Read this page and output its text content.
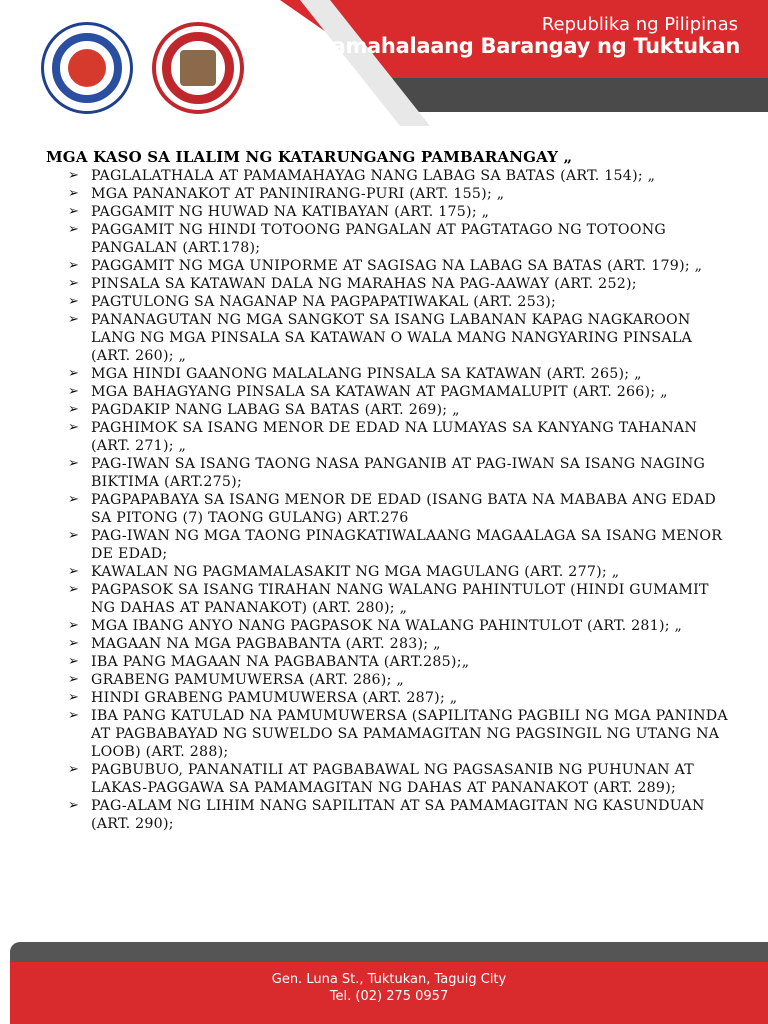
Republika ng Pilipinas
Pamahalaang Barangay ng Tuktukan
MGA KASO SA ILALIM NG KATARUNGANG PAMBARANGAY „
➢ PAGLALATHALA AT PAMAMAHAYAG NANG LABAG SA BATAS (ART. 154); „
➢ MGA PANANAKOT AT PANINIRANG-PURI (ART. 155); „
➢ PAGGAMIT NG HUWAD NA KATIBAYAN (ART. 175); „
➢ PAGGAMIT NG HINDI TOTOONG PANGALAN AT PAGTATAGO NG TOTOONG PANGALAN (ART.178);
➢ PAGGAMIT NG MGA UNIPORME AT SAGISAG NA LABAG SA BATAS (ART. 179); „
➢ PINSALA SA KATAWAN DALA NG MARAHAS NA PAG-AAWAY (ART. 252);
➢ PAGTULONG SA NAGANAP NA PAGPAPATIWAKAL (ART. 253);
➢ PANANAGUTAN NG MGA SANGKOT SA ISANG LABANAN KAPAG NAGKAROON LANG NG MGA PINSALA SA KATAWAN O WALA MANG NANGYARING PINSALA (ART. 260); „
➢ MGA HINDI GAANONG MALALANG PINSALA SA KATAWAN (ART. 265); „
➢ MGA BAHAGYANG PINSALA SA KATAWAN AT PAGMAMALUPIT (ART. 266); „
➢ PAGDAKIP NANG LABAG SA BATAS (ART. 269); „
➢ PAGHIMOK SA ISANG MENOR DE EDAD NA LUMAYAS SA KANYANG TAHANAN (ART. 271); „
➢ PAG-IWAN SA ISANG TAONG NASA PANGANIB AT PAG-IWAN SA ISANG NAGING BIKTIMA (ART.275);
➢ PAGPAPABAYA SA ISANG MENOR DE EDAD (ISANG BATA NA MABABA ANG EDAD SA PITONG (7) TAONG GULANG) ART.276
➢ PAG-IWAN NG MGA TAONG PINAGKATIWALAANG MAGAALAGA SA ISANG MENOR DE EDAD;
➢ KAWALAN NG PAGMAMALASAKIT NG MGA MAGULANG (ART. 277); „
➢ PAGPASOK SA ISANG TIRAHAN NANG WALANG PAHINTULOT (HINDI GUMAMIT NG DAHAS AT PANANAKOT) (ART. 280); „
➢ MGA IBANG ANYO NANG PAGPASOK NA WALANG PAHINTULOT (ART. 281); „
➢ MAGAAN NA MGA PAGBABANTA (ART. 283); „
➢ IBA PANG MAGAAN NA PAGBABANTA (ART.285);„
➢ GRABENG PAMUMUWERSA (ART. 286); „
➢ HINDI GRABENG PAMUMUWERSA (ART. 287); „
➢ IBA PANG KATULAD NA PAMUMUWERSA (SAPILITANG PAGBILI NG MGA PANINDA AT PAGBABAYAD NG SUWELDO SA PAMAMAGITAN NG PAGSINGIL NG UTANG NA LOOB) (ART. 288);
➢ PAGBUBUO, PANANATILI AT PAGBABAWAL NG PAGSASANIB NG PUHUNAN AT LAKAS-PAGGAWA SA PAMAMAGITAN NG DAHAS AT PANANAKOT (ART. 289);
➢ PAG-ALAM NG LIHIM NANG SAPILITAN AT SA PAMAMAGITAN NG KASUNDUAN (ART. 290);
Gen. Luna St., Tuktukan, Taguig City
Tel. (02) 275 0957
